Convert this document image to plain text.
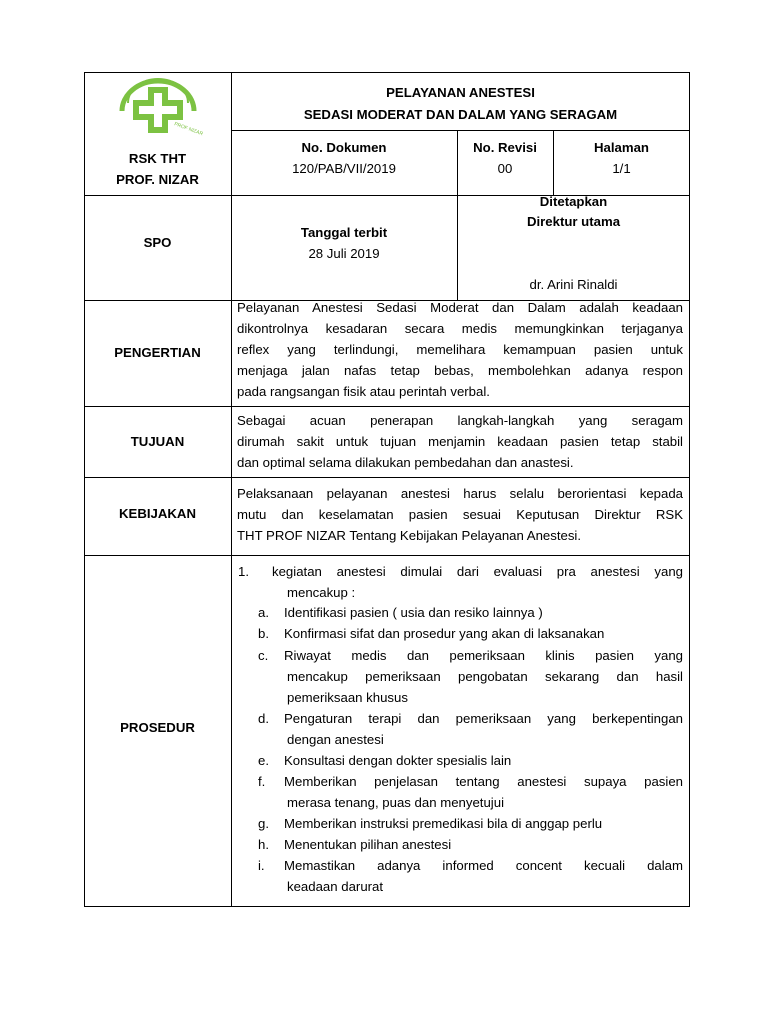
PROF NIZAR
RSK THT
PROF. NIZAR
PELAYANAN ANESTESI
SEDASI MODERAT DAN DALAM YANG SERAGAM
No. Dokumen
120/PAB/VII/2019
No. Revisi
00
Halaman
1/1
SPO
Tanggal terbit
28 Juli 2019
Ditetapkan
Direktur utama
dr. Arini Rinaldi
PENGERTIAN
Pelayanan Anestesi Sedasi Moderat dan Dalam adalah keadaan
dikontrolnya kesadaran secara medis memungkinkan terjaganya
reflex yang terlindungi, memelihara kemampuan pasien untuk
menjaga jalan nafas tetap bebas, membolehkan adanya respon
pada rangsangan fisik atau perintah verbal.
TUJUAN
Sebagai acuan penerapan langkah-langkah yang seragam
dirumah sakit untuk tujuan menjamin keadaan pasien tetap stabil
dan optimal selama dilakukan pembedahan dan anastesi.
KEBIJAKAN
Pelaksanaan pelayanan anestesi harus selalu berorientasi kepada
mutu dan keselamatan pasien sesuai Keputusan Direktur RSK
THT PROF NIZAR Tentang Kebijakan Pelayanan Anestesi.
PROSEDUR
1. kegiatan anestesi dimulai dari evaluasi pra anestesi yang
mencakup :
a. Identifikasi pasien ( usia dan resiko lainnya )
b. Konfirmasi sifat dan prosedur yang akan di laksanakan
c. Riwayat medis dan pemeriksaan klinis pasien yang
mencakup pemeriksaan pengobatan sekarang dan hasil
pemeriksaan khusus
d. Pengaturan terapi dan pemeriksaan yang berkepentingan
dengan anestesi
e. Konsultasi dengan dokter spesialis lain
f. Memberikan penjelasan tentang anestesi supaya pasien
merasa tenang, puas dan menyetujui
g. Memberikan instruksi premedikasi bila di anggap perlu
h. Menentukan pilihan anestesi
i. Memastikan adanya informed concent kecuali dalam
keadaan darurat
